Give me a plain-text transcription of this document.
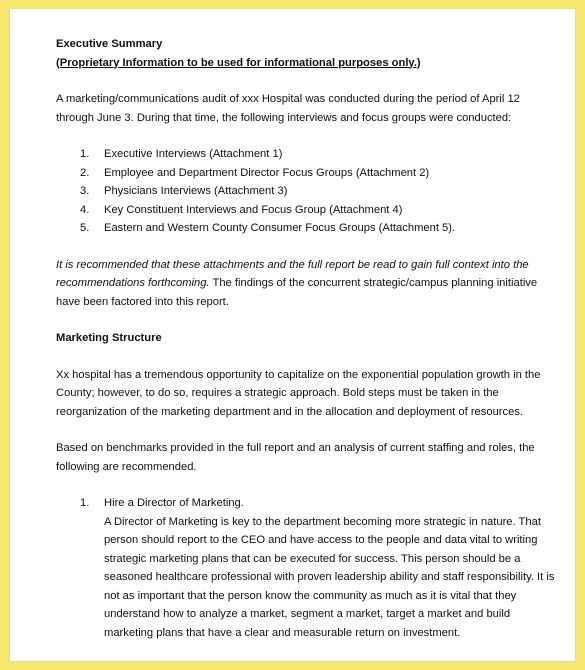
Executive Summary

(Proprietary Information to be used for informational purposes only.)

A marketing/communications audit of xxx Hospital was conducted during the period of April 12 through June 3. During that time, the following interviews and focus groups were conducted:

1. Executive Interviews (Attachment 1)
2. Employee and Department Director Focus Groups (Attachment 2)
3. Physicians Interviews (Attachment 3)
4. Key Constituent Interviews and Focus Group (Attachment 4)
5. Eastern and Western County Consumer Focus Groups (Attachment 5).

It is recommended that these attachments and the full report be read to gain full context into the recommendations forthcoming. The findings of the concurrent strategic/campus planning initiative have been factored into this report.

Marketing Structure

Xx hospital has a tremendous opportunity to capitalize on the exponential population growth in the County; however, to do so, requires a strategic approach. Bold steps must be taken in the reorganization of the marketing department and in the allocation and deployment of resources.

Based on benchmarks provided in the full report and an analysis of current staffing and roles, the following are recommended.

1. Hire a Director of Marketing.

A Director of Marketing is key to the department becoming more strategic in nature. That person should report to the CEO and have access to the people and data vital to writing strategic marketing plans that can be executed for success. This person should be a seasoned healthcare professional with proven leadership ability and staff responsibility. It is not as important that the person know the community as much as it is vital that they understand how to analyze a market, segment a market, target a market and build marketing plans that have a clear and measurable return on investment.
